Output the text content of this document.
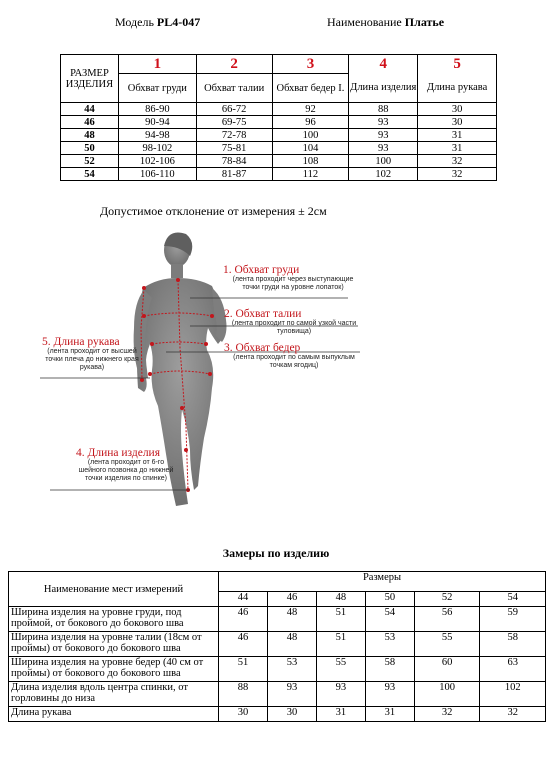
Модель PL4-047	Наименование Платье
РАЗМЕР ИЗДЕЛИЯ	1	2	3	4	5
	Обхват груди	Обхват талии	Обхват бедер I.	Длина изделия	Длина рукава
44	86-90	66-72	92	88	30
46	90-94	69-75	96	93	30
48	94-98	72-78	100	93	31
50	98-102	75-81	104	93	31
52	102-106	78-84	108	100	32
54	106-110	81-87	112	102	32
Допустимое отклонение от измерения ± 2см
1. Обхват груди
(лента проходит через выступающие точки груди на уровне лопаток)
2. Обхват талии
(лента проходит по самой узкой части туловища)
3. Обхват бедер
(лента проходит по самым выпуклым точкам ягодиц)
5. Длина рукава
(лента проходит от высшей точки плеча до нижнего края рукава)
4. Длина изделия
(лента проходит от 6-го шейного позвонка до нижней точки изделия по спинке)
Замеры по изделию
Наименование мест измерений	Размеры					
	44	46	48	50	52	54
Ширина изделия на уровне груди, под проймой, от бокового до бокового шва	46	48	51	54	56	59
Ширина изделия на уровне талии (18см от проймы) от бокового до бокового шва	46	48	51	53	55	58
Ширина изделия на уровне бедер (40 см от проймы) от бокового до бокового шва	51	53	55	58	60	63
Длина изделия вдоль центра спинки, от горловины до низа	88	93	93	93	100	102
Длина рукава	30	30	31	31	32	32
